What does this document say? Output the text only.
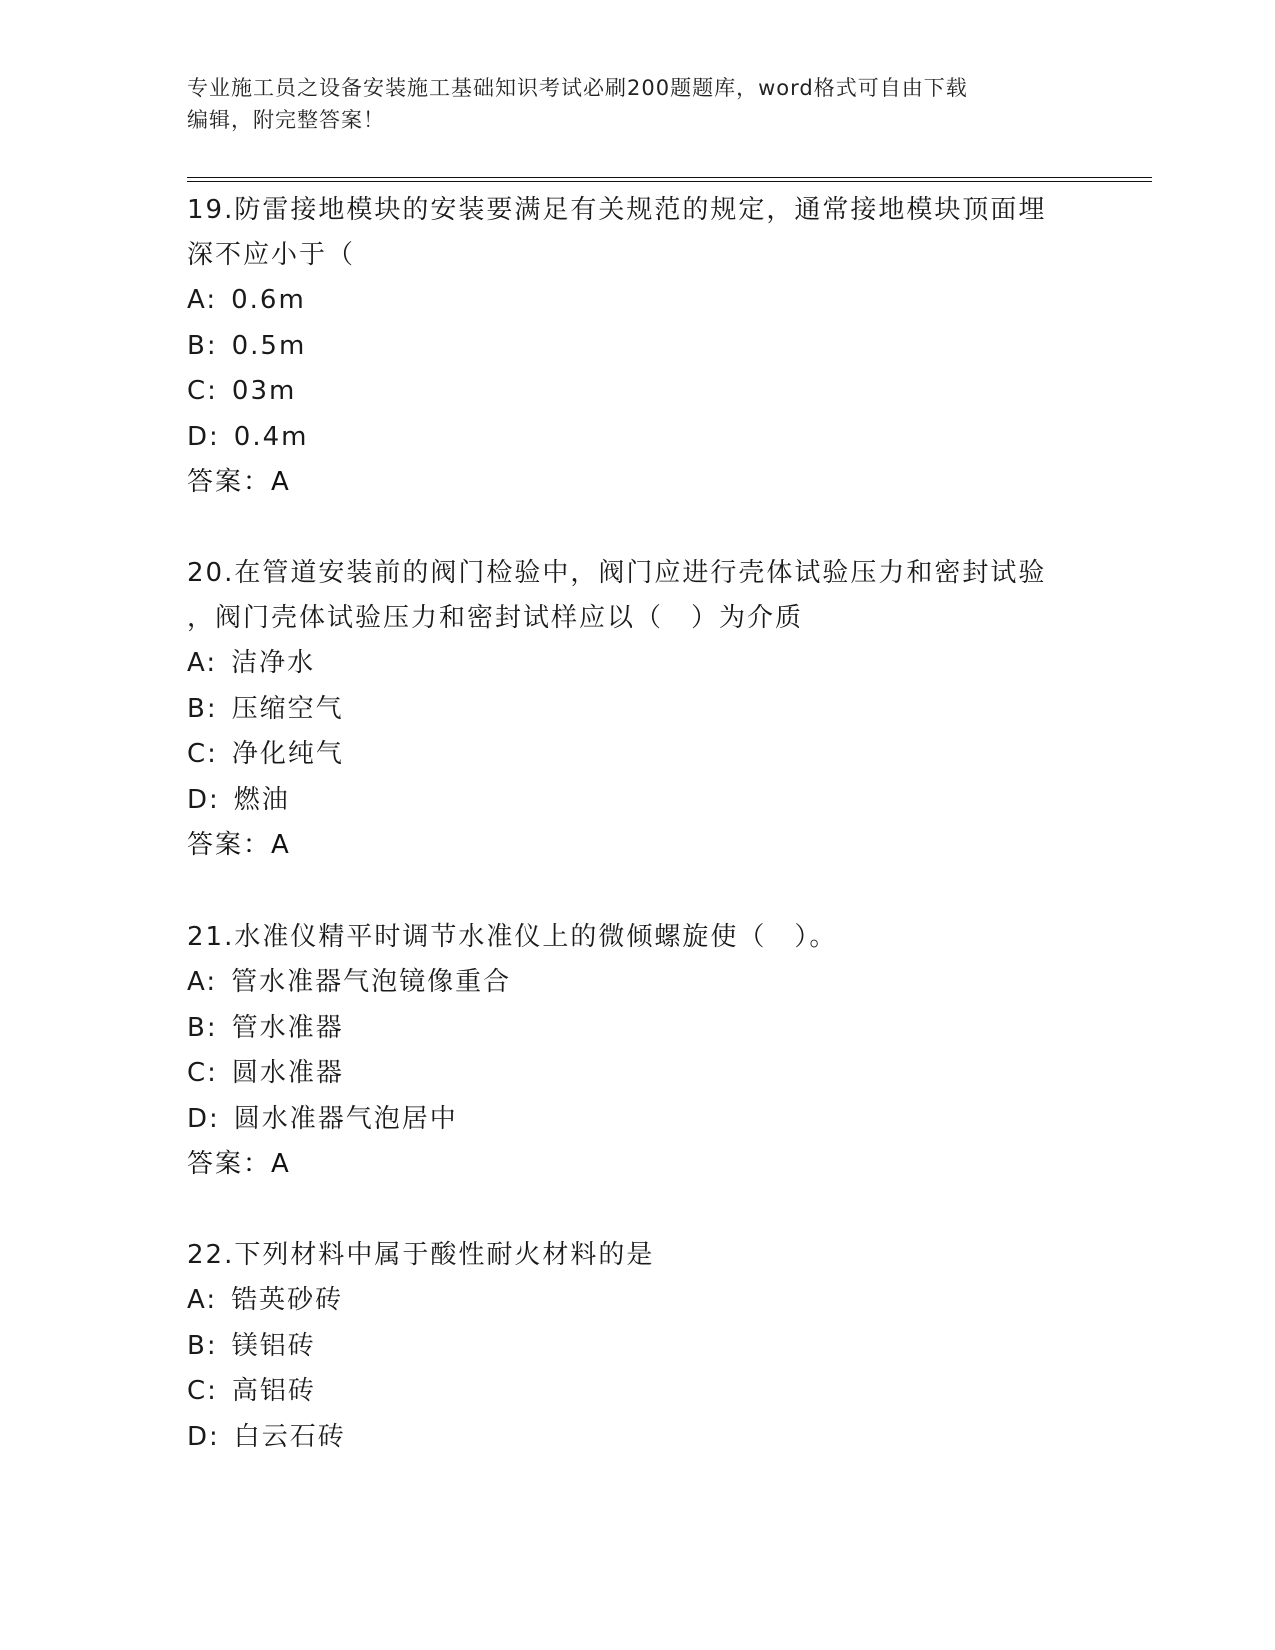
专业施工员之设备安装施工基础知识考试必刷200题题库，word格式可自由下载
编辑，附完整答案！

19.防雷接地模块的安装要满足有关规范的规定，通常接地模块顶面埋

深不应小于（

A: 0.6m

B: 0.5m

C: 03m

D: 0.4m

答案：A

20.在管道安装前的阀门检验中，阀门应进行壳体试验压力和密封试验

，阀门壳体试验压力和密封试样应以（　）为介质

A: 洁净水

B: 压缩空气

C: 净化纯气

D: 燃油

答案：A

21.水准仪精平时调节水准仪上的微倾螺旋使（　）。

A: 管水准器气泡镜像重合

B: 管水准器

C: 圆水准器

D: 圆水准器气泡居中

答案：A

22.下列材料中属于酸性耐火材料的是

A: 锆英砂砖

B: 镁铝砖

C: 高铝砖

D: 白云石砖
